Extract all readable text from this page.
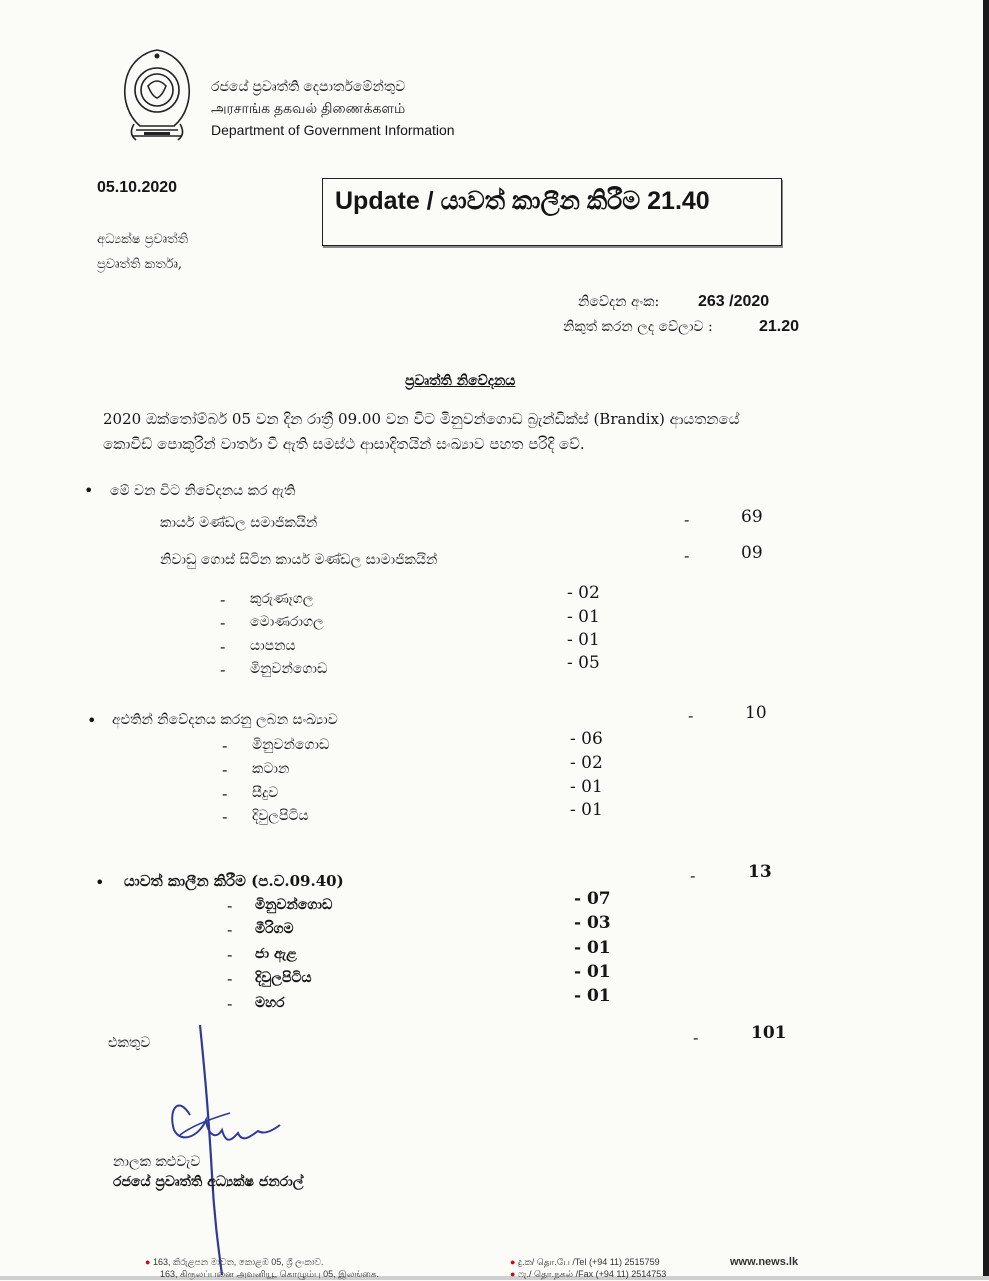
රජයේ ප්‍රවෘත්ති දෙපාර්තමේන්තුව
அரசாங்க தகவல் திணைக்களம்
Department of Government Information
05.10.2020	Update / යාවත් කාලීන කිරීම 21.40
අධ්‍යක්ෂ ප්‍රවෘත්ති
ප්‍රවෘත්ති කර්තෘ,
නිවේදන අංක: 263 /2020
නිකුත් කරන ලද වේලාව :	21.20
ප්‍රවෘත්ති නිවේදනය
2020 ඔක්තෝම්බර් 05 වන දින රාත්‍රී 09.00 වන විට මිනුවන්ගොඩ බ්‍රැන්ඩික්ස් (Brandix) ආයතනයේ
කොවිඩ් පොකුරින් වාර්තා වී ඇති සමස්ථ ආසාදිතයින් සංඛ්‍යාව පහත පරිදි වේ.
• මේ වන විට නිවේදනය කර ඇති
කාර්ය මණ්ඩල සමාජිකයින්	-	69
නිවාඩු ගොස් සිටින කාර්ය මණ්ඩල සාමාජිකයින්	-	09
- කුරුණෑගල	- 02
- මොණරාගල	- 01
- යාපනය	- 01
- මිනුවන්ගොඩ	- 05
• අළුතින් නිවේදනය කරනු ලබන සංඛ්‍යාව	-	10
- මිනුවන්ගොඩ	- 06
- කටාන	- 02
- සීදුව	- 01
- දිවුලපිටිය	- 01
• යාවත් කාලීන කිරීම (ප.ව.09.40)	-	13
- මිනුවන්ගොඩ	- 07
- මීරිගම	- 03
- ජා ඇළ	- 01
- දිවුලපිටිය	- 01
- මහර	- 01
එකතුව	-	101
නාලක කළුවැව
රජයේ ප්‍රවෘත්ති අධ්‍යක්ෂ ජනරාල්
● 163, කිරුළපන මාවත, කොළඹ 05, ශ්‍රී ලංකාව.
163, கிருலப்பனை அவனியூ, கொழும்பு 05, இலங்கை.
● දු.ක/ தொ.பே /Tel (+94 11) 2515759
● ෆැ./ தொ.நகல் /Fax (+94 11) 2514753
www.news.lk
